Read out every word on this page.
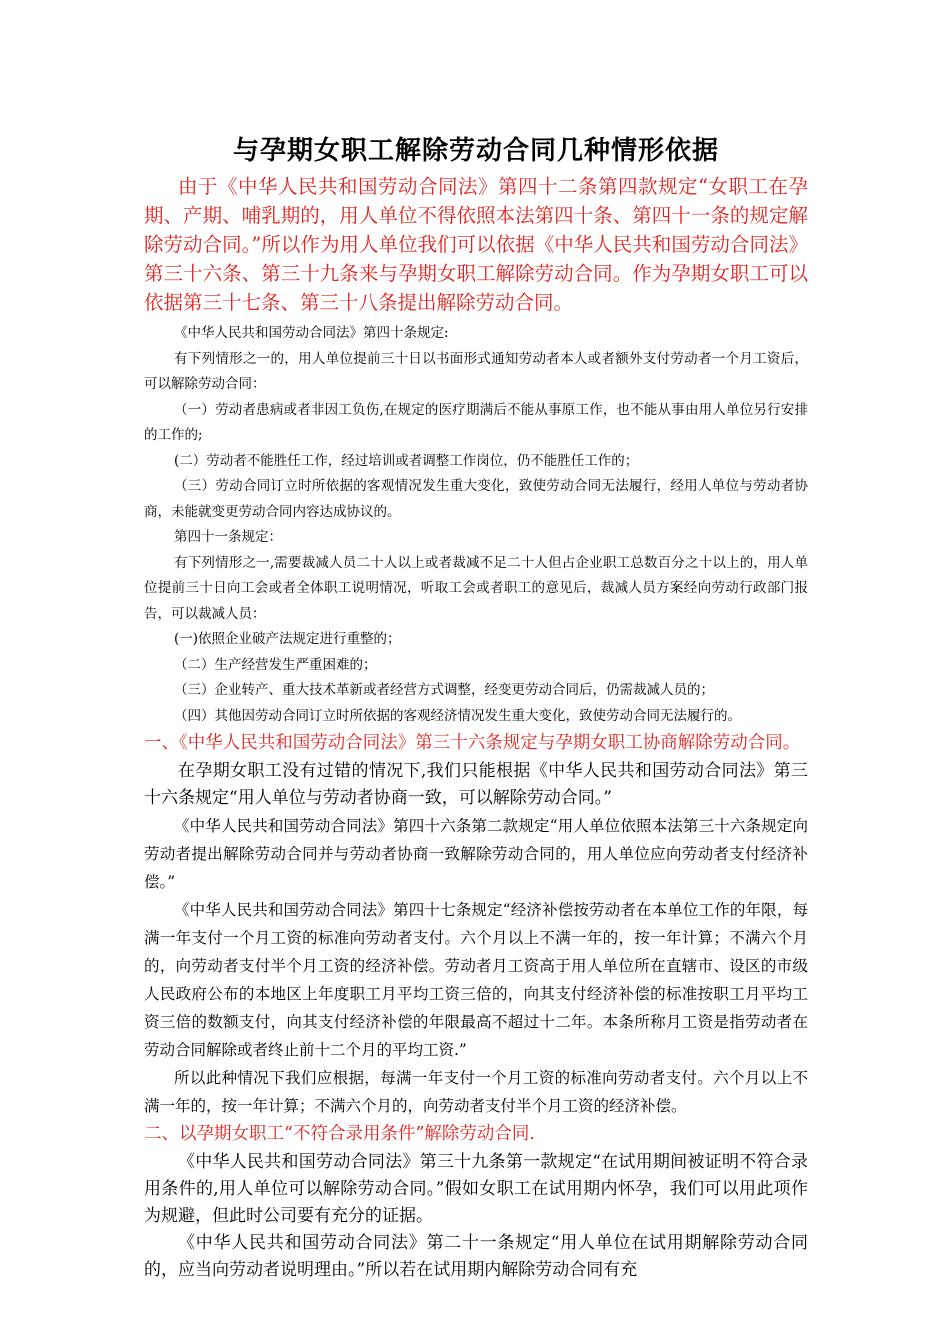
与孕期女职工解除劳动合同几种情形依据

由于《中华人民共和国劳动合同法》第四十二条第四款规定“女职工在孕期、产期、哺乳期的，用人单位不得依照本法第四十条、第四十一条的规定解除劳动合同。”所以作为用人单位我们可以依据《中华人民共和国劳动合同法》第三十六条、第三十九条来与孕期女职工解除劳动合同。作为孕期女职工可以依据第三十七条、第三十八条提出解除劳动合同。

《中华人民共和国劳动合同法》第四十条规定:

有下列情形之一的，用人单位提前三十日以书面形式通知劳动者本人或者额外支付劳动者一个月工资后，可以解除劳动合同：

（一）劳动者患病或者非因工负伤,在规定的医疗期满后不能从事原工作，也不能从事由用人单位另行安排的工作的;

(二）劳动者不能胜任工作，经过培训或者调整工作岗位，仍不能胜任工作的；

（三）劳动合同订立时所依据的客观情况发生重大变化，致使劳动合同无法履行，经用人单位与劳动者协商，未能就变更劳动合同内容达成协议的。

第四十一条规定：

有下列情形之一,需要裁减人员二十人以上或者裁减不足二十人但占企业职工总数百分之十以上的，用人单位提前三十日向工会或者全体职工说明情况，听取工会或者职工的意见后，裁减人员方案经向劳动行政部门报告，可以裁减人员：

(一)依照企业破产法规定进行重整的；

（二）生产经营发生严重困难的；

（三）企业转产、重大技术革新或者经营方式调整，经变更劳动合同后，仍需裁减人员的；

（四）其他因劳动合同订立时所依据的客观经济情况发生重大变化，致使劳动合同无法履行的。

一、《中华人民共和国劳动合同法》第三十六条规定与孕期女职工协商解除劳动合同。

在孕期女职工没有过错的情况下,我们只能根据《中华人民共和国劳动合同法》第三十六条规定“用人单位与劳动者协商一致，可以解除劳动合同。”

《中华人民共和国劳动合同法》第四十六条第二款规定“用人单位依照本法第三十六条规定向劳动者提出解除劳动合同并与劳动者协商一致解除劳动合同的，用人单位应向劳动者支付经济补偿。”

《中华人民共和国劳动合同法》第四十七条规定“经济补偿按劳动者在本单位工作的年限，每满一年支付一个月工资的标准向劳动者支付。六个月以上不满一年的，按一年计算；不满六个月的，向劳动者支付半个月工资的经济补偿。劳动者月工资高于用人单位所在直辖市、设区的市级人民政府公布的本地区上年度职工月平均工资三倍的，向其支付经济补偿的标准按职工月平均工资三倍的数额支付，向其支付经济补偿的年限最高不超过十二年。本条所称月工资是指劳动者在劳动合同解除或者终止前十二个月的平均工资.”

所以此种情况下我们应根据，每满一年支付一个月工资的标准向劳动者支付。六个月以上不满一年的，按一年计算；不满六个月的，向劳动者支付半个月工资的经济补偿。

二、以孕期女职工“不符合录用条件”解除劳动合同.

《中华人民共和国劳动合同法》第三十九条第一款规定“在试用期间被证明不符合录用条件的,用人单位可以解除劳动合同。”假如女职工在试用期内怀孕，我们可以用此项作为规避，但此时公司要有充分的证据。

《中华人民共和国劳动合同法》第二十一条规定“用人单位在试用期解除劳动合同的，应当向劳动者说明理由。”所以若在试用期内解除劳动合同有充
